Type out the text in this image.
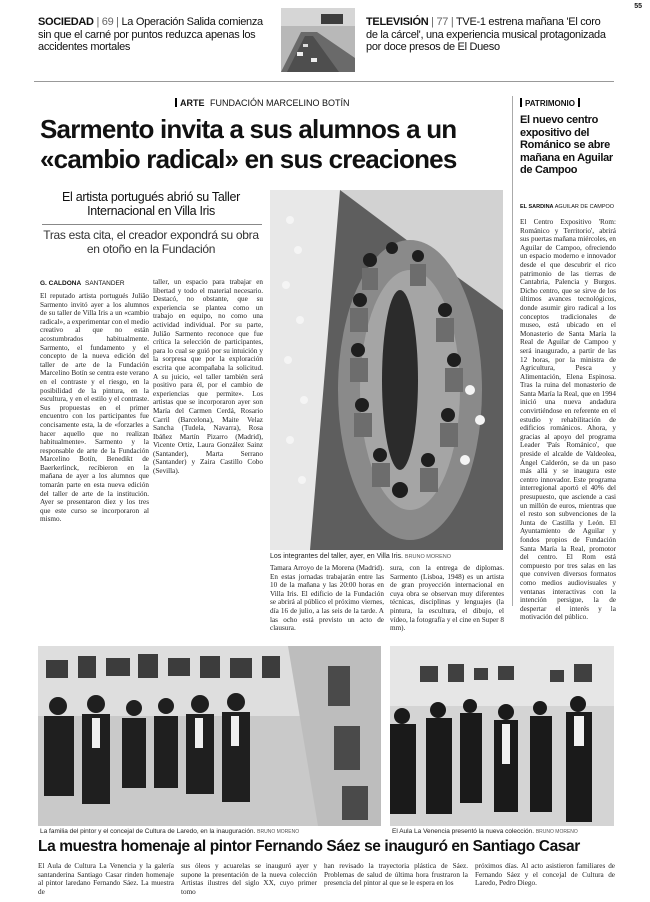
55
SOCIEDAD | 69 | La Operación Salida comienza sin que el carné por puntos reduzca apenas los accidentes mortales
TELEVISIÓN | 77 | TVE-1 estrena mañana 'El coro de la cárcel', una experiencia musical protagonizada por doce presos de El Dueso
ARTE FUNDACIÓN MARCELINO BOTÍN
Sarmento invita a sus alumnos a un
«cambio radical» en sus creaciones
El artista portugués abrió su Taller Internacional en Villa Iris
Tras esta cita, el creador expondrá su obra en otoño en la Fundación
G. CALDONA SANTANDER
El reputado artista portugués Julião Sarmento invitó ayer a los alumnos de su taller de Villa Iris a un «cambio radical», a experimentar con el medio creativo al que no están acostumbrados habitualmente. Sarmento, el fundamento y el concepto de la nueva edición del taller de arte de la Fundación Marcelino Botín se centra este verano en el contraste y el riesgo, en la posibilidad de la pintura, en la escultura, y en el estilo y el contraste. Sus propuestas en el primer encuentro con los participantes fue concisamente esta, la de «forzarles a hacer aquello que no realizan habitualmente». Sarmento y la responsable de arte de la Fundación Marcelino Botín, Benedikt de Baerkerlinck, recibieron en la mañana de ayer a los alumnos que tomarán parte en esta nueva edición del taller de arte de la institución. Ayer se presentaron diez y los tres que este curso se incorporaron al mismo.
taller, un espacio para trabajar en libertad y todo el material necesario. Destacó, no obstante, que su experiencia se plantea como un trabajo en equipo, no como una actividad individual. Por su parte, Julião Sarmento reconoce que fue crítica la selección de participantes, para lo cual se guió por su intuición y la sorpresa que por la exploración escrita que acompañaba la solicitud. A su juicio, «el taller también será positivo para él, por el cambio de experiencias que permite». Los artistas que se incorporaron ayer son María del Carmen Cerdá, Rosario Carril (Barcelona), Maite Velaz Sancha (Tudela, Navarra), Rosa Ibáñez Martín Pizarro (Madrid), Vicente Ortiz, Laura González Sainz (Santander), Marta Serrano (Santander) y Zaira Castillo Cobo (Sevilla).
Los integrantes del taller, ayer, en Villa Iris. BRUNO MORENO
Tamara Arroyo de la Morena (Madrid). En estas jornadas trabajarán entre las 10 de la mañana y las 20:00 horas en Villa Iris. El edificio de la Fundación se abrirá al público el próximo viernes, día 16 de julio, a las seis de la tarde. A las ocho está previsto un acto de clausura.
sura, con la entrega de diplomas. Sarmento (Lisboa, 1948) es un artista de gran proyección internacional en cuya obra se observan muy diferentes técnicas, disciplinas y lenguajes (la pintura, la escultura, el dibujo, el vídeo, la fotografía y el cine en Super 8 mm).
PATRIMONIO
El nuevo centro expositivo del Románico se abre mañana en Aguilar de Campoo
EL SARDINA AGUILAR DE CAMPOO
El Centro Expositivo 'Rom: Románico y Territorio', abrirá sus puertas mañana miércoles, en Aguilar de Campoo, ofreciendo un espacio moderno e innovador desde el que descubrir el rico patrimonio de las tierras de Cantabria, Palencia y Burgos. Dicho centro, que se sirve de los últimos avances tecnológicos, donde asumir giro radical a los conceptos tradicionales de museo, está ubicado en el Monasterio de Santa María la Real de Aguilar de Campoo y será inaugurado, a partir de las 12 horas, por la ministra de Agricultura, Pesca y Alimentación, Elena Espinosa. Tras la ruina del monasterio de Santa María la Real, que en 1994 inició una nueva andadura convirtiéndose en referente en el estudio y rehabilitación de edificios románicos. Ahora, y gracias al apoyo del programa Leader 'País Románico', que preside el alcalde de Valdeolea, Ángel Calderón, se da un paso más allá y se inaugura este centro innovador. Este programa interregional aportó el 40% del presupuesto, que asciende a casi un millón de euros, mientras que el resto son subvenciones de la Junta de Castilla y León. El Ayuntamiento de Aguilar y fondos propios de Fundación Santa María la Real, promotor del centro. El Rom está compuesto por tres salas en las que conviven diversos formatos como medios audiovisuales y ventanas interactivas con la intención persigue, la de despertar el interés y la motivación del público.
La familia del pintor y el concejal de Cultura de Laredo, en la inauguración. BRUNO MORENO	El Aula La Venencia presentó la nueva colección. BRUNO MORENO
La muestra homenaje al pintor Fernando Sáez se inauguró en Santiago Casar
El Aula de Cultura La Venencia y la galería santanderina Santiago Casar rinden homenaje al pintor laredano Fernando Sáez. La muestra de
sus óleos y acuarelas se inauguró ayer y supone la presentación de la nueva colección Artistas ilustres del siglo XX, cuyo primer tomo
han revisado la trayectoria plástica de Sáez. Problemas de salud de última hora frustraron la presencia del pintor al que se le espera en los
próximos días. Al acto asistieron familiares de Fernando Sáez y el concejal de Cultura de Laredo, Pedro Diego.
